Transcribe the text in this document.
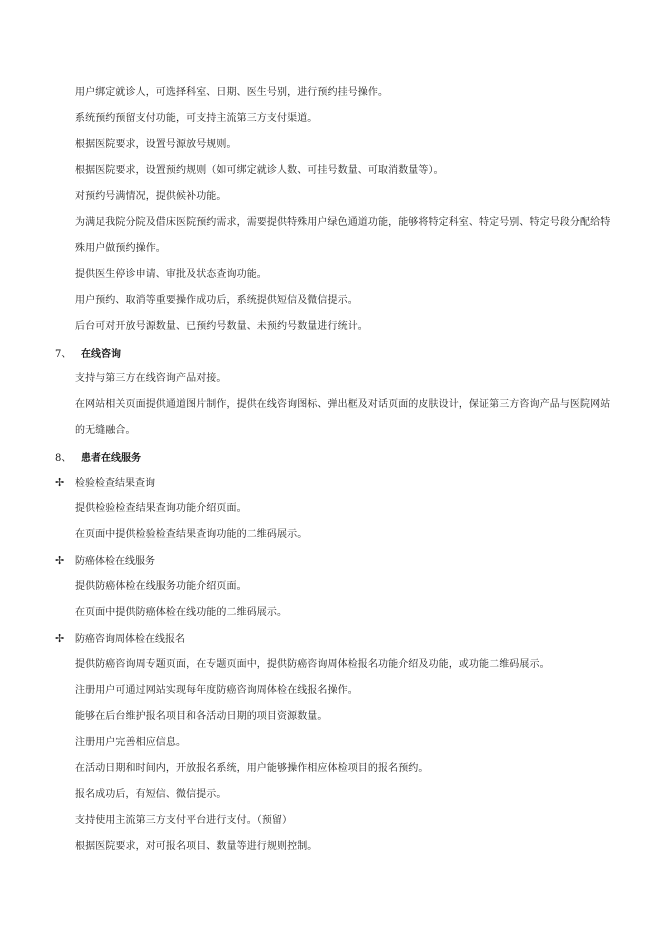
用户绑定就诊人，可选择科室、日期、医生号别，进行预约挂号操作。
系统预约预留支付功能，可支持主流第三方支付渠道。
根据医院要求，设置号源放号规则。
根据医院要求，设置预约规则（如可绑定就诊人数、可挂号数量、可取消数量等）。
对预约号满情况，提供候补功能。
为满足我院分院及借床医院预约需求，需要提供特殊用户绿色通道功能，能够将特定科室、特定号别、特定号段分配给特
殊用户做预约操作。
提供医生停诊申请、审批及状态查询功能。
用户预约、取消等重要操作成功后，系统提供短信及微信提示。
后台可对开放号源数量、已预约号数量、未预约号数量进行统计。
7、 在线咨询
支持与第三方在线咨询产品对接。
在网站相关页面提供通道图片制作，提供在线咨询图标、弹出框及对话页面的皮肤设计，保证第三方咨询产品与医院网站
的无缝融合。
8、 患者在线服务
✢ 检验检查结果查询
提供检验检查结果查询功能介绍页面。
在页面中提供检验检查结果查询功能的二维码展示。
✢ 防癌体检在线服务
提供防癌体检在线服务功能介绍页面。
在页面中提供防癌体检在线功能的二维码展示。
✢ 防癌咨询周体检在线报名
提供防癌咨询周专题页面，在专题页面中，提供防癌咨询周体检报名功能介绍及功能，或功能二维码展示。
注册用户可通过网站实现每年度防癌咨询周体检在线报名操作。
能够在后台维护报名项目和各活动日期的项目资源数量。
注册用户完善相应信息。
在活动日期和时间内，开放报名系统，用户能够操作相应体检项目的报名预约。
报名成功后，有短信、微信提示。
支持使用主流第三方支付平台进行支付。（预留）
根据医院要求，对可报名项目、数量等进行规则控制。
